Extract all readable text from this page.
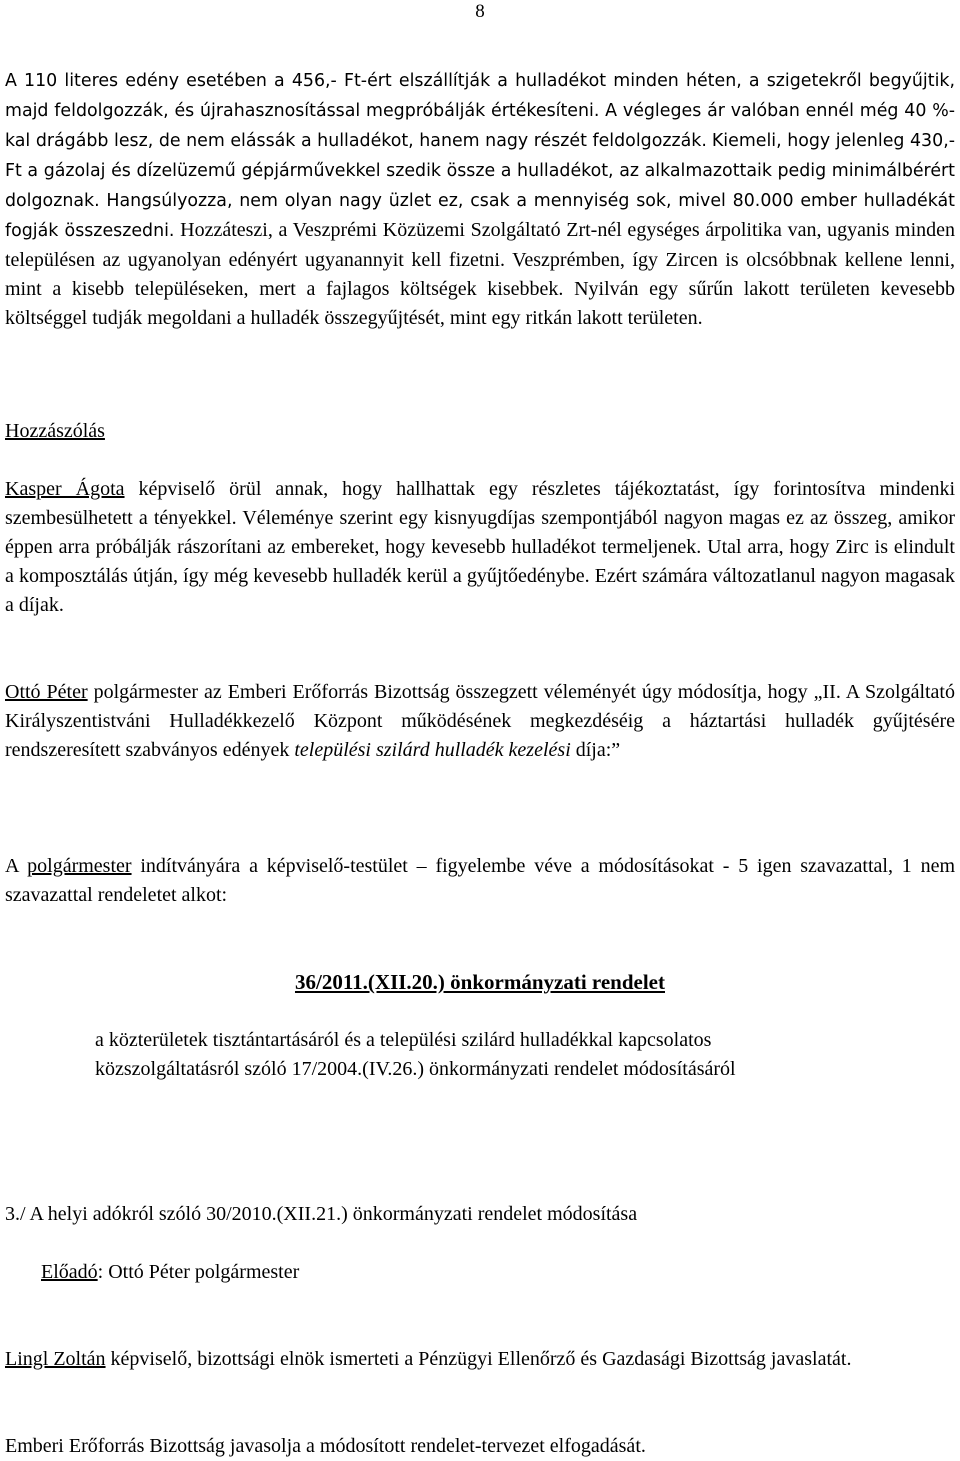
8

A 110 literes edény esetében a 456,- Ft-ért elszállítják a hulladékot minden héten, a szigetekről begyűjtik, majd feldolgozzák, és újrahasznosítással megpróbálják értékesíteni. A végleges ár valóban ennél még 40 %-kal drágább lesz, de nem elássák a hulladékot, hanem nagy részét feldolgozzák. Kiemeli, hogy jelenleg 430,- Ft a gázolaj és dízelüzemű gépjárművekkel szedik össze a hulladékot, az alkalmazottaik pedig minimálbérért dolgoznak. Hangsúlyozza, nem olyan nagy üzlet ez, csak a mennyiség sok, mivel 80.000 ember hulladékát fogják összeszedni. Hozzáteszi, a Veszprémi Közüzemi Szolgáltató Zrt-nél egységes árpolitika van, ugyanis minden településen az ugyanolyan edényért ugyanannyit kell fizetni. Veszprémben, így Zircen is olcsóbbnak kellene lenni, mint a kisebb településeken, mert a fajlagos költségek kisebbek. Nyilván egy sűrűn lakott területen kevesebb költséggel tudják megoldani a hulladék összegyűjtését, mint egy ritkán lakott területen.

Hozzászólás

Kasper Ágota képviselő örül annak, hogy hallhattak egy részletes tájékoztatást, így forintosítva mindenki szembesülhetett a tényekkel. Véleménye szerint egy kisnyugdíjas szempontjából nagyon magas ez az összeg, amikor éppen arra próbálják rászorítani az embereket, hogy kevesebb hulladékot termeljenek. Utal arra, hogy Zirc is elindult a komposztálás útján, így még kevesebb hulladék kerül a gyűjtőedénybe. Ezért számára változatlanul nagyon magasak a díjak.

Ottó Péter polgármester az Emberi Erőforrás Bizottság összegzett véleményét úgy módosítja, hogy „II. A Szolgáltató Királyszentistváni Hulladékkezelő Központ működésének megkezdéséig a háztartási hulladék gyűjtésére rendszeresített szabványos edények települési szilárd hulladék kezelési díja:”

A polgármester indítványára a képviselő-testület – figyelembe véve a módosításokat - 5 igen szavazattal, 1 nem szavazattal rendeletet alkot:

36/2011.(XII.20.) önkormányzati rendelet

a közterületek tisztántartásáról és a települési szilárd hulladékkal kapcsolatos

közszolgáltatásról szóló 17/2004.(IV.26.) önkormányzati rendelet módosításáról

3./ A helyi adókról szóló 30/2010.(XII.21.) önkormányzati rendelet módosítása

Előadó: Ottó Péter polgármester

Lingl Zoltán képviselő, bizottsági elnök ismerteti a Pénzügyi Ellenőrző és Gazdasági Bizottság javaslatát.

Emberi Erőforrás Bizottság javasolja a módosított rendelet-tervezet elfogadását.
